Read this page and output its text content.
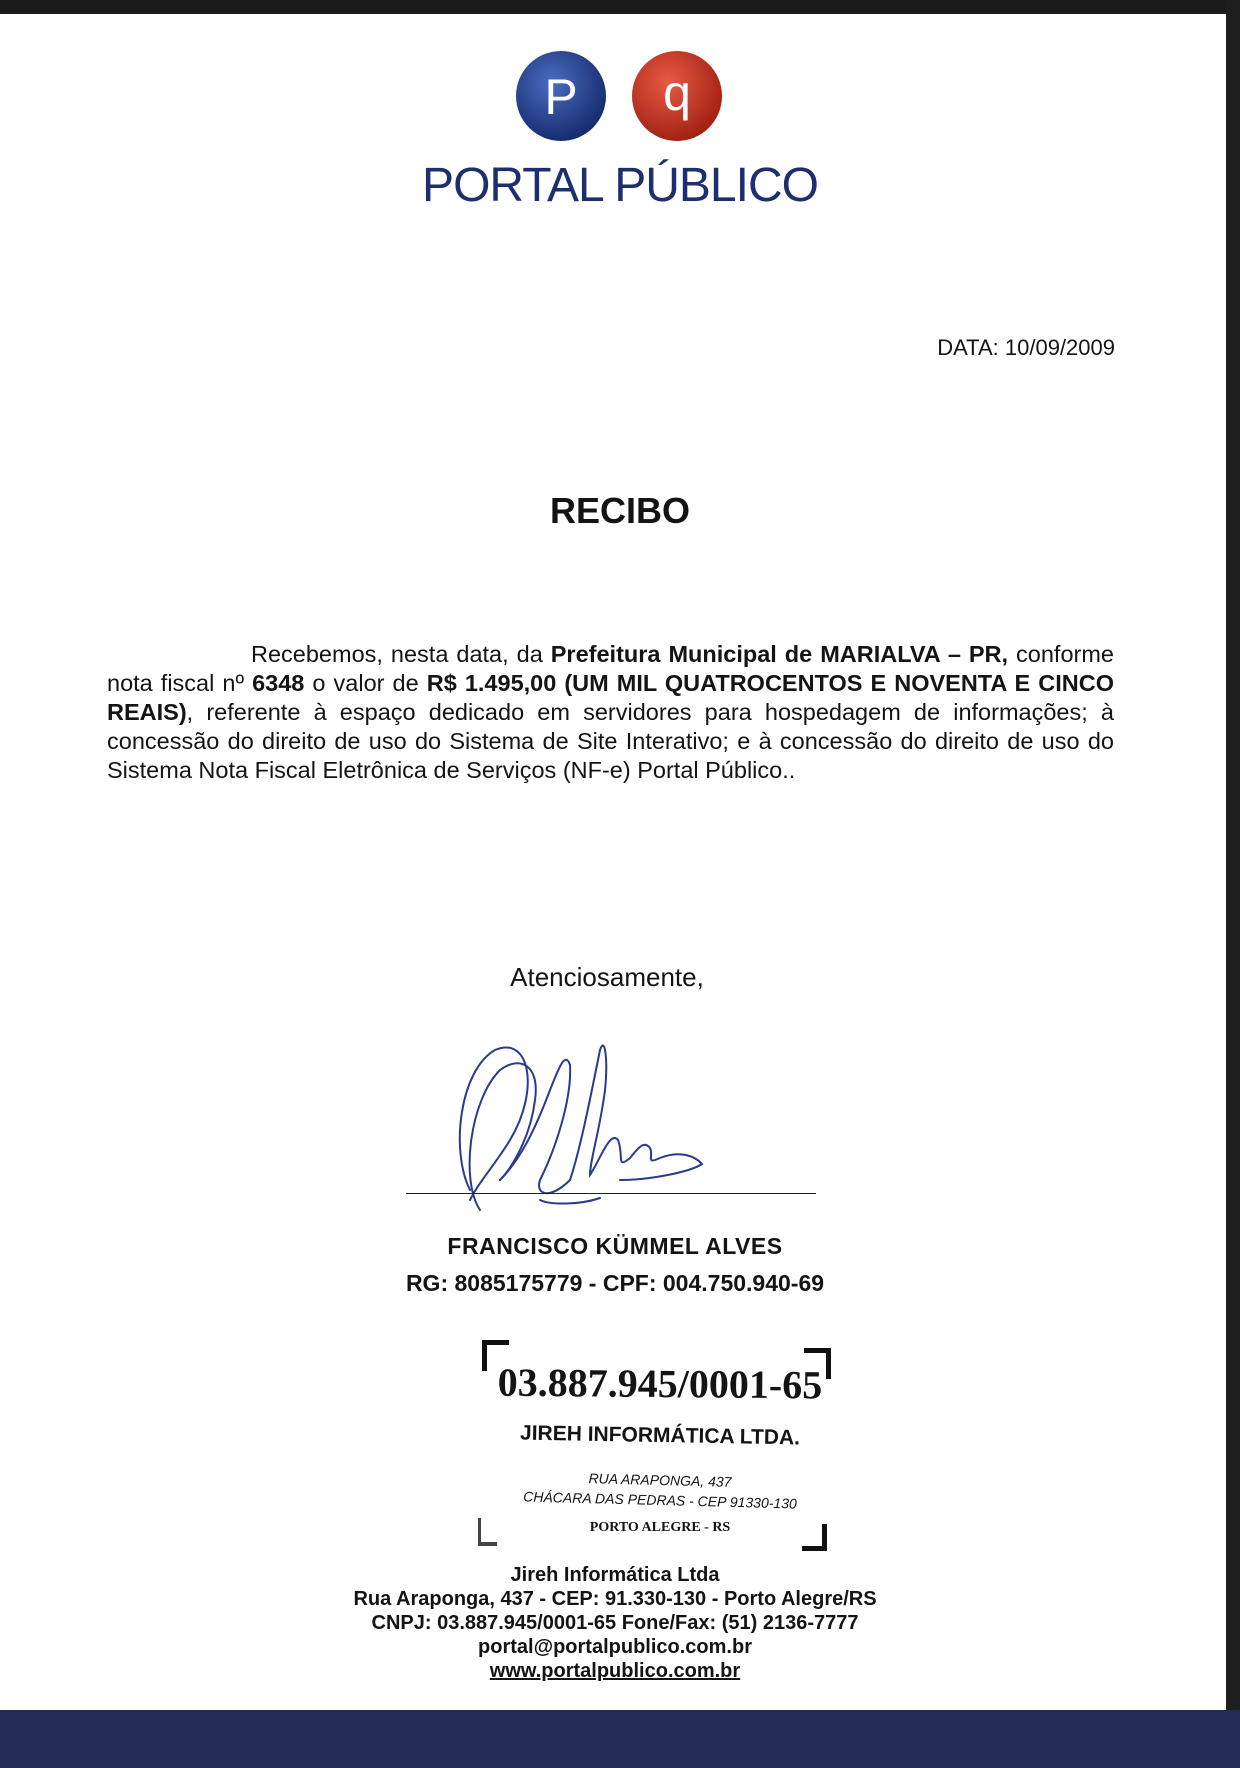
P q
PORTAL PÚBLICO
DATA: 10/09/2009
RECIBO
Recebemos, nesta data, da Prefeitura Municipal de MARIALVA – PR, conforme nota fiscal nº 6348 o valor de R$ 1.495,00 (UM MIL QUATROCENTOS E NOVENTA E CINCO REAIS), referente à espaço dedicado em servidores para hospedagem de informações; à concessão do direito de uso do Sistema de Site Interativo; e à concessão do direito de uso do Sistema Nota Fiscal Eletrônica de Serviços (NF-e) Portal Público..
Atenciosamente,
FRANCISCO KÜMMEL ALVES
RG: 8085175779 - CPF: 004.750.940-69
03.887.945/0001-65
JIREH INFORMÁTICA LTDA.
RUA ARAPONGA, 437
CHÁCARA DAS PEDRAS - CEP 91330-130
PORTO ALEGRE - RS
Jireh Informática Ltda
Rua Araponga, 437 - CEP: 91.330-130 - Porto Alegre/RS
CNPJ: 03.887.945/0001-65 Fone/Fax: (51) 2136-7777
portal@portalpublico.com.br
www.portalpublico.com.br
